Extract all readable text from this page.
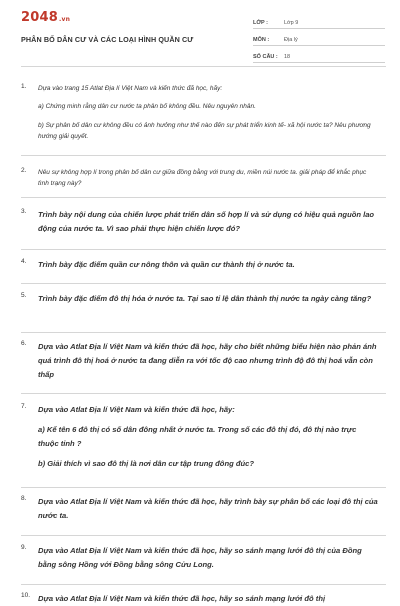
2048.vn
PHÂN BỐ DÂN CƯ VÀ CÁC LOẠI HÌNH QUẦN CƯ
LỚP :	Lớp 9
MÔN :	Địa lý
SỐ CÂU :	18
1. Dựa vào trang 15 Atlat Địa lí Việt Nam và kiến thức đã học, hãy:

a) Chứng minh rằng dân cư nước ta phân bố không đều. Nêu nguyên nhân.

b) Sự phân bố dân cư không đều có ảnh hưởng như thế nào đến sự phát triển kinh tế- xã hội nước ta? Nêu phương hướng giải quyết.

2. Nêu sự không hợp lí trong phân bố dân cư giữa đồng bằng với trung du, miền núi nước ta. giải pháp để khắc phục tình trạng này?

3. Trình bày nội dung của chiến lược phát triển dân số hợp lí và sử dụng có hiệu quả nguồn lao động của nước ta. Vì sao phải thực hiện chiến lược đó?

4. Trình bày đặc điểm quần cư nông thôn và quần cư thành thị ở nước ta.

5. Trình bày đặc điểm đô thị hóa ở nước ta. Tại sao tỉ lệ dân thành thị nước ta ngày càng tăng?

6. Dựa vào Atlat Địa lí Việt Nam và kiến thức đã học, hãy cho biết những biểu hiện nào phản ánh quá trình đô thị hoá ở nước ta đang diễn ra với tốc độ cao nhưng trình độ đô thị hoá vẫn còn thấp

7. Dựa vào Atlat Địa lí Việt Nam và kiến thức đã học, hãy:

a) Kể tên 6 đô thị có số dân đông nhất ở nước ta. Trong số các đô thị đó, đô thị nào trực thuộc tỉnh ?

b) Giải thích vì sao đô thị là nơi dân cư tập trung đông đúc?

8. Dựa vào Atlat Địa lí Việt Nam và kiến thức đã học, hãy trình bày sự phân bố các loại đô thị của nước ta.

9. Dựa vào Atlat Địa lí Việt Nam và kiến thức đã học, hãy so sánh mạng lưới đô thị của Đồng bằng sông Hồng với Đồng bằng sông Cửu Long.

10. Dựa vào Atlat Địa lí Việt Nam và kiến thức đã học, hãy so sánh mạng lưới đô thị
